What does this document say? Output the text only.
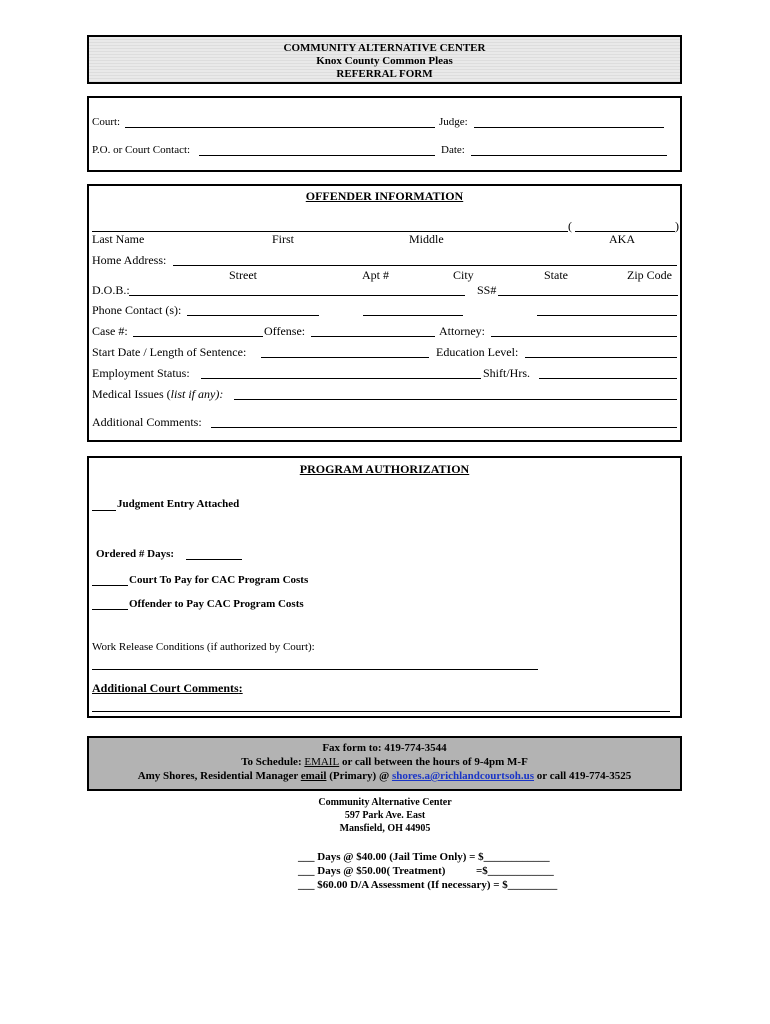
COMMUNITY ALTERNATIVE CENTER
Knox County Common Pleas
REFERRAL FORM
Court:	Judge:
P.O. or Court Contact:	Date:
OFFENDER INFORMATION
(	)
Last Name	First	Middle	AKA
Home Address:
Street	Apt #	City	State	Zip Code
D.O.B.:	SS#
Phone Contact (s):
Case #:	Offense:	Attorney:
Start Date / Length of Sentence:	Education Level:
Employment Status:	Shift/Hrs.
Medical Issues (list if any):
Additional Comments:
PROGRAM AUTHORIZATION
Judgment Entry Attached
Ordered # Days:
Court To Pay for CAC Program Costs
Offender to Pay CAC Program Costs
Work Release Conditions (if authorized by Court):
Additional Court Comments:
Fax form to: 419-774-3544
To Schedule: EMAIL or call between the hours of 9-4pm M-F
Amy Shores, Residential Manager email (Primary) @ shores.a@richlandcourtsoh.us or call 419-774-3525
Community Alternative Center
597 Park Ave. East
Mansfield, OH 44905
___ Days @ $40.00 (Jail Time Only) = $____________
___ Days @ $50.00( Treatment)	=$____________
___ $60.00 D/A Assessment (If necessary) = $_________
